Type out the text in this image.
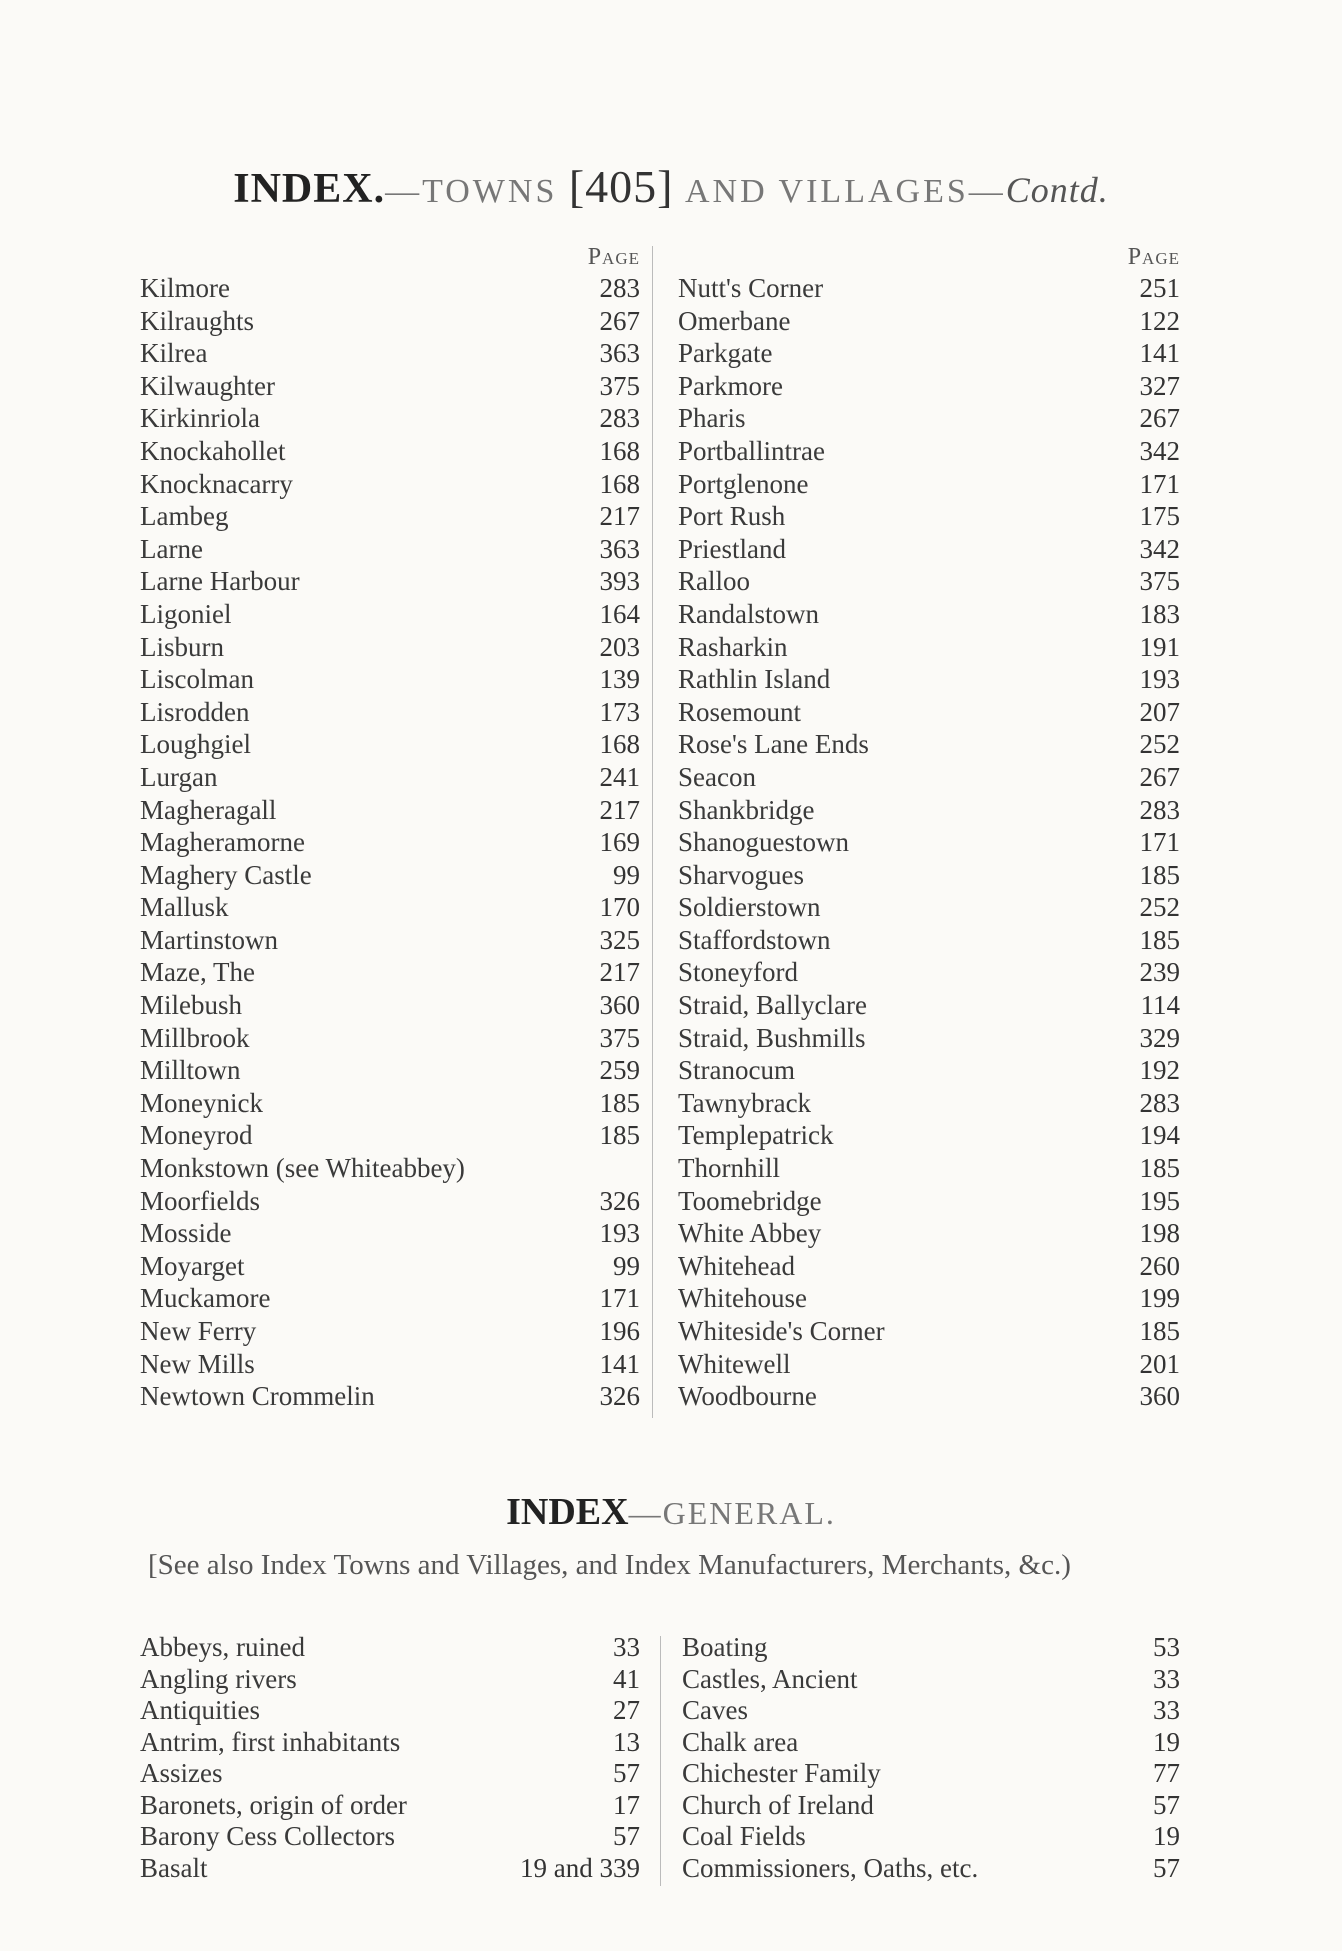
INDEX.—TOWNS [405] AND VILLAGES—Contd.
Page
Kilmore	283
Kilraughts	267
Kilrea	363
Kilwaughter	375
Kirkinriola	283
Knockahollet	168
Knocknacarry	168
Lambeg	217
Larne	363
Larne Harbour	393
Ligoniel	164
Lisburn	203
Liscolman	139
Lisrodden	173
Loughgiel	168
Lurgan	241
Magheragall	217
Magheramorne	169
Maghery Castle	99
Mallusk	170
Martinstown	325
Maze, The	217
Milebush	360
Millbrook	375
Milltown	259
Moneynick	185
Moneyrod	185
Monkstown (see Whiteabbey)
Moorfields	326
Mosside	193
Moyarget	99
Muckamore	171
New Ferry	196
New Mills	141
Newtown Crommelin	326
Page
Nutt's Corner	251
Omerbane	122
Parkgate	141
Parkmore	327
Pharis	267
Portballintrae	342
Portglenone	171
Port Rush	175
Priestland	342
Ralloo	375
Randalstown	183
Rasharkin	191
Rathlin Island	193
Rosemount	207
Rose's Lane Ends	252
Seacon	267
Shankbridge	283
Shanoguestown	171
Sharvogues	185
Soldierstown	252
Staffordstown	185
Stoneyford	239
Straid, Ballyclare	114
Straid, Bushmills	329
Stranocum	192
Tawnybrack	283
Templepatrick	194
Thornhill	185
Toomebridge	195
White Abbey	198
Whitehead	260
Whitehouse	199
Whiteside's Corner	185
Whitewell	201
Woodbourne	360
INDEX—GENERAL.
[See also Index Towns and Villages, and Index Manufacturers, Merchants, &c.)
Abbeys, ruined	33
Angling rivers	41
Antiquities	27
Antrim, first inhabitants	13
Assizes	57
Baronets, origin of order	17
Barony Cess Collectors	57
Basalt	19 and 339
Boating	53
Castles, Ancient	33
Caves	33
Chalk area	19
Chichester Family	77
Church of Ireland	57
Coal Fields	19
Commissioners, Oaths, etc.	57
